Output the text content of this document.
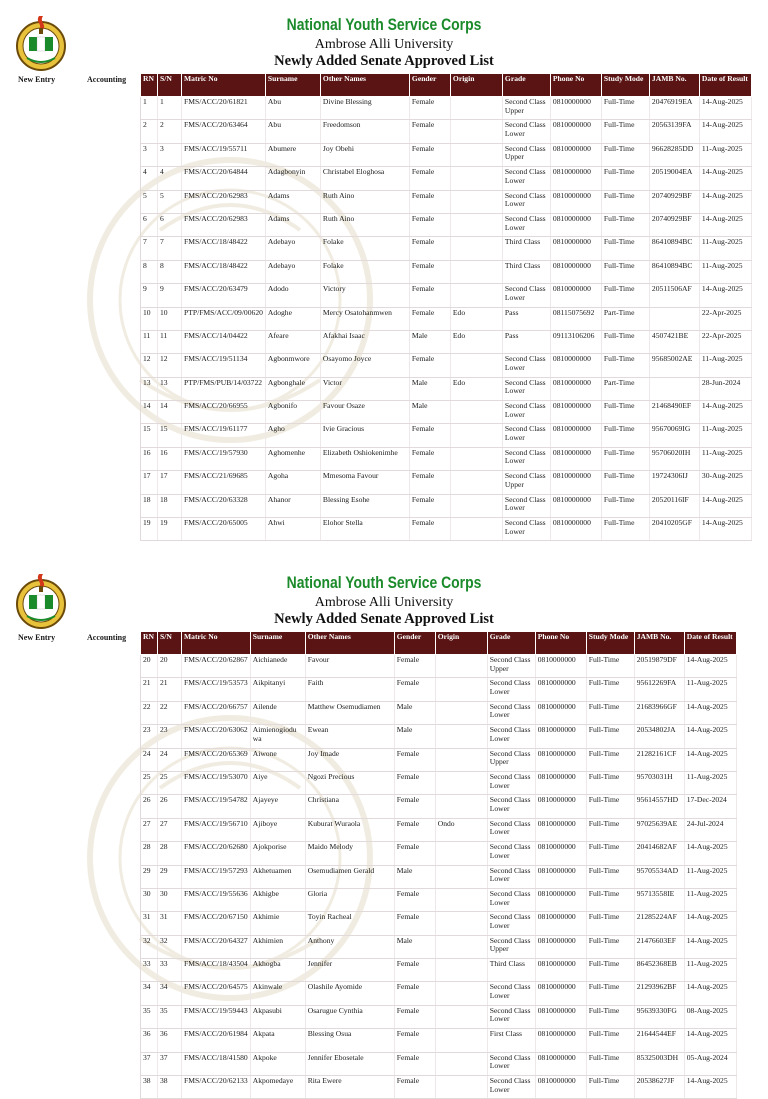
National Youth Service Corps
Ambrose Alli University
Newly Added Senate Approved List
New Entry	Accounting RN	S/N	Matric No	Surname	Other Names	Gender	Origin	Grade	Phone No	Study Mode	JAMB No.	Date of Result
1	1	FMS/ACC/20/61821	Abu	Divine Blessing	Female		Second Class Upper	0810000000	Full-Time	20476919EA	14-Aug-2025
2	2	FMS/ACC/20/63464	Abu	Freedomson	Female		Second Class Lower	0810000000	Full-Time	20563139FA	14-Aug-2025
3	3	FMS/ACC/19/55711	Abumere	Joy Obehi	Female		Second Class Upper	0810000000	Full-Time	96628285DD	11-Aug-2025
4	4	FMS/ACC/20/64844	Adagbonyin	Christabel Eloghosa	Female		Second Class Lower	0810000000	Full-Time	20519004EA	14-Aug-2025
5	5	FMS/ACC/20/62983	Adams	Ruth Aino	Female		Second Class Lower	0810000000	Full-Time	20740929BF	14-Aug-2025
6	6	FMS/ACC/20/62983	Adams	Ruth Aino	Female		Second Class Lower	0810000000	Full-Time	20740929BF	14-Aug-2025
7	7	FMS/ACC/18/48422	Adebayo	Folake	Female		Third Class	0810000000	Full-Time	86410894BC	11-Aug-2025
8	8	FMS/ACC/18/48422	Adebayo	Folake	Female		Third Class	0810000000	Full-Time	86410894BC	11-Aug-2025
9	9	FMS/ACC/20/63479	Adodo	Victory	Female		Second Class Lower	0810000000	Full-Time	20511506AF	14-Aug-2025
10	10	PTP/FMS/ACC/09/00620	Adoghe	Mercy Osatohanmwen	Female	Edo	Pass	08115075692	Part-Time		22-Apr-2025
11	11	FMS/ACC/14/04422	Afeare	Afakhai Isaac	Male	Edo	Pass	09113106206	Full-Time	4507421BE	22-Apr-2025
12	12	FMS/ACC/19/51134	Agbonmwore	Osayomo Joyce	Female		Second Class Lower	0810000000	Full-Time	95685002AE	11-Aug-2025
13	13	PTP/FMS/PUB/14/03722	Agbonghale	Victor	Male	Edo	Second Class Lower	0810000000	Part-Time		28-Jun-2024
14	14	FMS/ACC/20/66955	Agbonifo	Favour Osaze	Male		Second Class Lower	0810000000	Full-Time	21468490EF	14-Aug-2025
15	15	FMS/ACC/19/61177	Agho	Ivie Gracious	Female		Second Class Lower	0810000000	Full-Time	95670069IG	11-Aug-2025
16	16	FMS/ACC/19/57930	Aghomenhe	Elizabeth Oshiokenimhe	Female		Second Class Lower	0810000000	Full-Time	95706020IH	11-Aug-2025
17	17	FMS/ACC/21/69685	Agoha	Mmesoma Favour	Female		Second Class Upper	0810000000	Full-Time	19724306IJ	30-Aug-2025
18	18	FMS/ACC/20/63328	Ahanor	Blessing Esohe	Female		Second Class Lower	0810000000	Full-Time	20520116IF	14-Aug-2025
19	19	FMS/ACC/20/65005	Ahwi	Elohor Stella	Female		Second Class Lower	0810000000	Full-Time	20410205GF	14-Aug-2025
National Youth Service Corps
Ambrose Alli University
Newly Added Senate Approved List
New Entry	Accounting RN	S/N	Matric No	Surname	Other Names	Gender	Origin	Grade	Phone No	Study Mode	JAMB No.	Date of Result
20	20	FMS/ACC/20/62867	Aichianede	Favour	Female		Second Class Upper	0810000000	Full-Time	20519879DF	14-Aug-2025
21	21	FMS/ACC/19/53573	Aikpitanyi	Faith	Female		Second Class Lower	0810000000	Full-Time	95612269FA	11-Aug-2025
22	22	FMS/ACC/20/66757	Ailende	Matthew Osemudiamen	Male		Second Class Lower	0810000000	Full-Time	21683966GF	14-Aug-2025
23	23	FMS/ACC/20/63062	Aimienogiodu wa	Ewean	Male		Second Class Lower	0810000000	Full-Time	20534802JA	14-Aug-2025
24	24	FMS/ACC/20/65369	Aiwone	Joy Imade	Female		Second Class Upper	0810000000	Full-Time	21282161CF	14-Aug-2025
25	25	FMS/ACC/19/53070	Aiye	Ngozi Precious	Female		Second Class Lower	0810000000	Full-Time	95703031H	11-Aug-2025
26	26	FMS/ACC/19/54782	Ajayeye	Christiana	Female		Second Class Lower	0810000000	Full-Time	95614557HD	17-Dec-2024
27	27	FMS/ACC/19/56710	Ajiboye	Kuburat Wuraola	Female	Ondo	Second Class Lower	0810000000	Full-Time	97025639AE	24-Jul-2024
28	28	FMS/ACC/20/62680	Ajokporise	Maido Melody	Female		Second Class Lower	0810000000	Full-Time	20414682AF	14-Aug-2025
29	29	FMS/ACC/19/57293	Akhetuamen	Osemudiamen Gerald	Male		Second Class Lower	0810000000	Full-Time	95705534AD	11-Aug-2025
30	30	FMS/ACC/19/55636	Akhigbe	Gloria	Female		Second Class Lower	0810000000	Full-Time	95713558IE	11-Aug-2025
31	31	FMS/ACC/20/67150	Akhimie	Toyin Racheal	Female		Second Class Lower	0810000000	Full-Time	21285224AF	14-Aug-2025
32	32	FMS/ACC/20/64327	Akhimien	Anthony	Male		Second Class Upper	0810000000	Full-Time	21476603EF	14-Aug-2025
33	33	FMS/ACC/18/43504	Akhogba	Jennifer	Female		Third Class	0810000000	Full-Time	86452368EB	11-Aug-2025
34	34	FMS/ACC/20/64575	Akinwale	Olashile Ayomide	Female		Second Class Lower	0810000000	Full-Time	21293962BF	14-Aug-2025
35	35	FMS/ACC/19/59443	Akpasubi	Osarugue Cynthia	Female		Second Class Lower	0810000000	Full-Time	95639330FG	08-Aug-2025
36	36	FMS/ACC/20/61984	Akpata	Blessing Osua	Female		First Class	0810000000	Full-Time	21644544EF	14-Aug-2025
37	37	FMS/ACC/18/41580	Akpoke	Jennifer Ebosetale	Female		Second Class Lower	0810000000	Full-Time	85325003DH	05-Aug-2024
38	38	FMS/ACC/20/62133	Akpomedaye	Rita Ewere	Female		Second Class Lower	0810000000	Full-Time	20538627JF	14-Aug-2025
